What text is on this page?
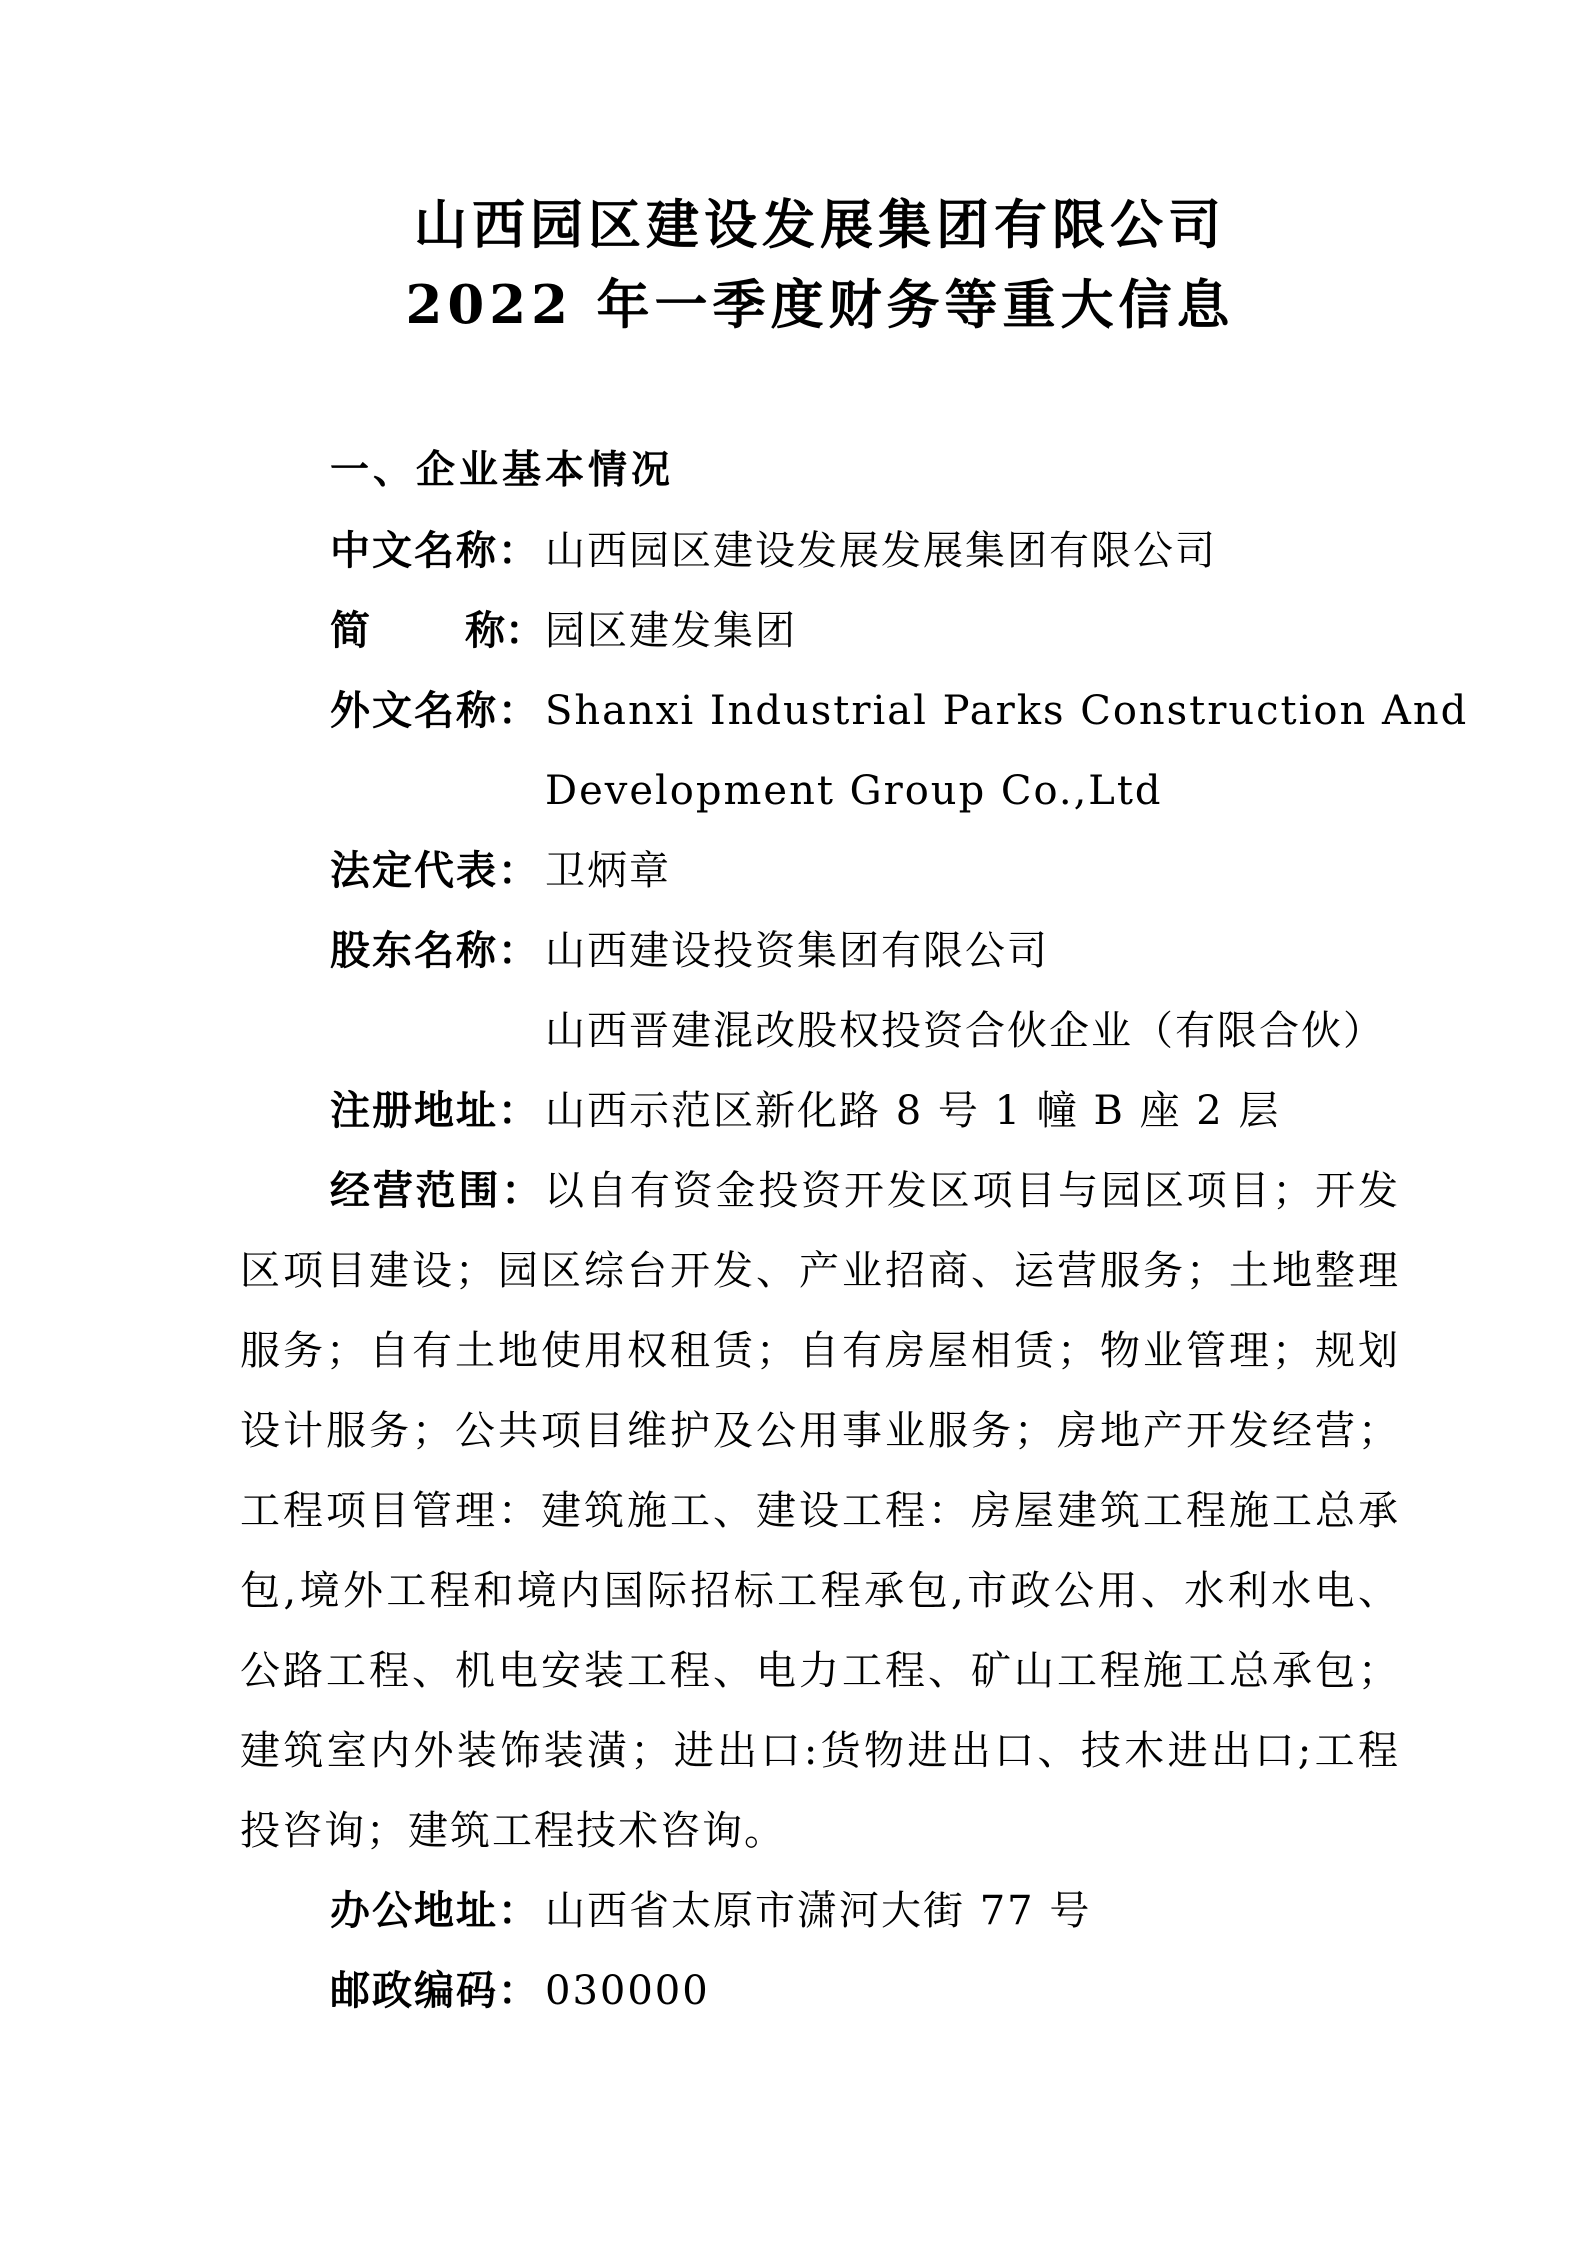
山西园区建设发展集团有限公司
2022 年一季度财务等重大信息
一、企业基本情况
中文名称： 山西园区建设发展发展集团有限公司
简 称： 园区建发集团
外文名称： Shanxi Industrial Parks Construction And
Development Group Co.,Ltd
法定代表： 卫炳章
股东名称： 山西建设投资集团有限公司
山西晋建混改股权投资合伙企业（有限合伙）
注册地址： 山西示范区新化路 8 号 1 幢 B 座 2 层

经营范围：以自有资金投资开发区项目与园区项目；开发区项目建设；园区综台开发、产业招商、运营服务；土地整理服务；自有土地使用权租赁；自有房屋相赁；物业管理；规划设计服务；公共项目维护及公用事业服务；房地产开发经营；工程项目管理：建筑施工、建设工程：房屋建筑工程施工总承包,境外工程和境内国际招标工程承包,市政公用、水利水电、公路工程、机电安装工程、电力工程、矿山工程施工总承包；建筑室内外装饰装潢；进出口:货物进出口、技木进出口;工程投咨询；建筑工程技术咨询。

办公地址： 山西省太原市潇河大街 77 号
邮政编码： 030000
